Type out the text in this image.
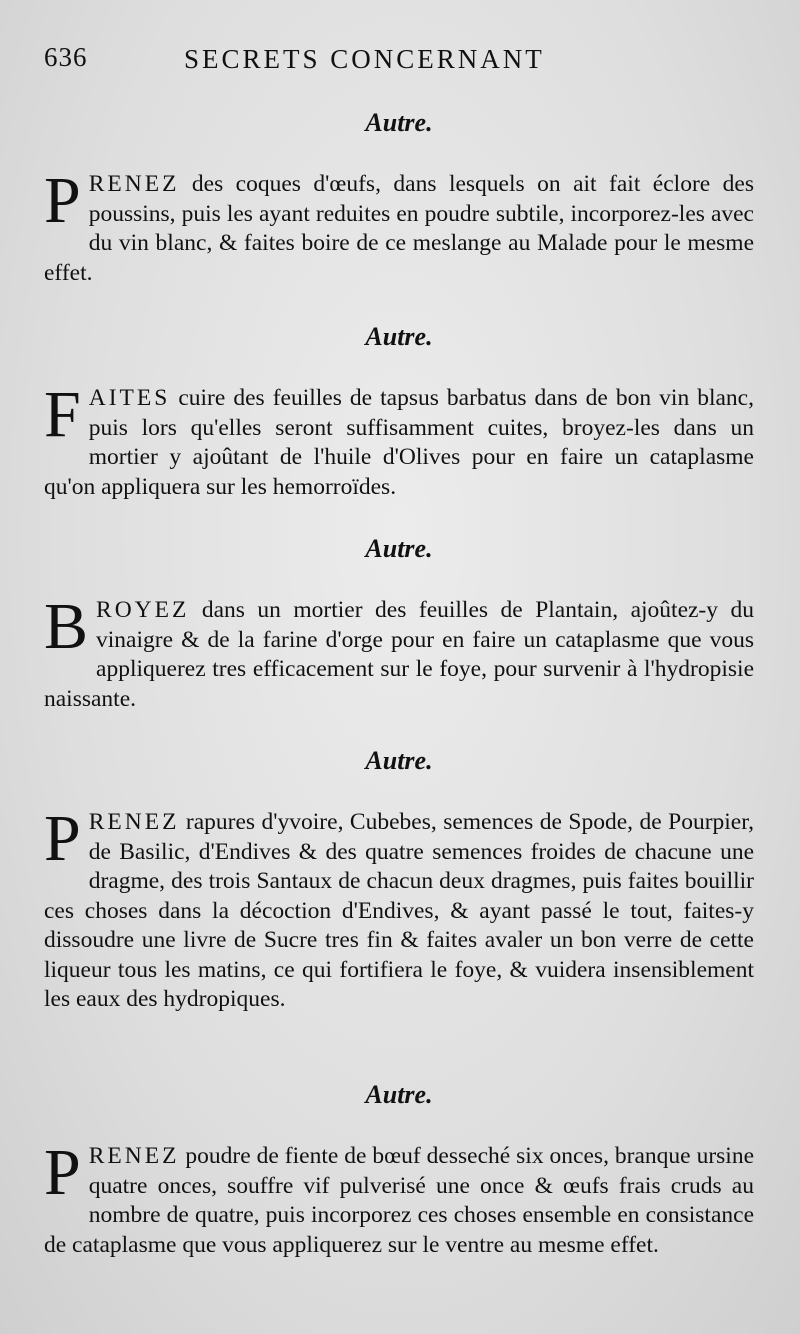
636	SECRETS CONCERNANT
Autre.

PRENEZ des coques d'œufs, dans lesquels on ait fait éclore des poussins, puis les ayant reduites en poudre subtile, incorporez-les avec du vin blanc, & faites boire de ce meslange au Malade pour le mesme effet.

Autre.

FAITES cuire des feuilles de tapsus barbatus dans de bon vin blanc, puis lors qu'elles seront suffisamment cuites, broyez-les dans un mortier y ajoûtant de l'huile d'Olives pour en faire un cataplasme qu'on appliquera sur les hemorroïdes.

Autre.

BROYEZ dans un mortier des feuilles de Plantain, ajoûtez-y du vinaigre & de la farine d'orge pour en faire un cataplasme que vous appliquerez tres efficacement sur le foye, pour survenir à l'hydropisie naissante.

Autre.

PRENEZ rapures d'yvoire, Cubebes, semences de Spode, de Pourpier, de Basilic, d'Endives & des quatre semences froides de chacune une dragme, des trois Santaux de chacun deux dragmes, puis faites bouillir ces choses dans la décoction d'Endives, & ayant passé le tout, faites-y dissoudre une livre de Sucre tres fin & faites avaler un bon verre de cette liqueur tous les matins, ce qui fortifiera le foye, & vuidera insensiblement les eaux des hydropiques.

Autre.

PRENEZ poudre de fiente de bœuf desseché six onces, branque ursine quatre onces, souffre vif pulverisé une once & œufs frais cruds au nombre de quatre, puis incorporez ces choses ensemble en consistance de cataplasme que vous appliquerez sur le ventre au mesme effet.
